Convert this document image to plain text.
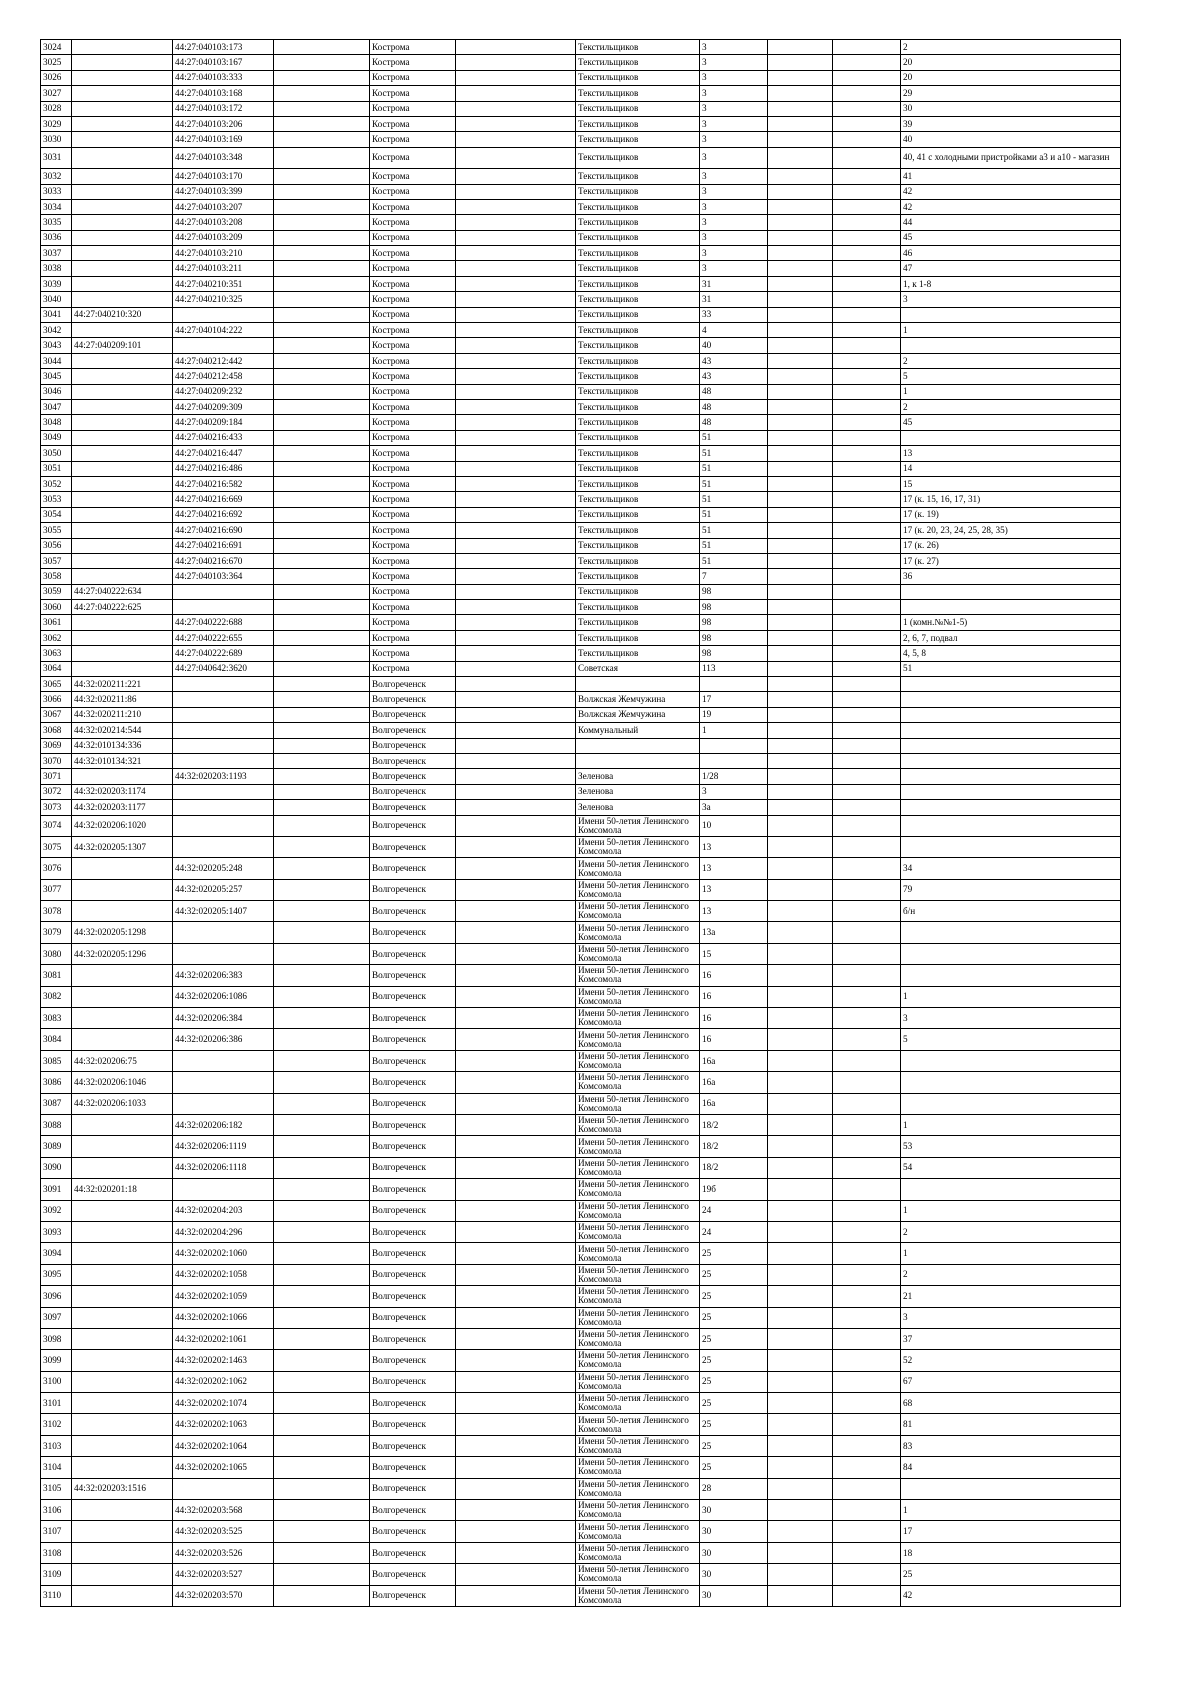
3024		44:27:040103:173		Кострома		Текстильщиков	3			2
3025		44:27:040103:167		Кострома		Текстильщиков	3			20
3026		44:27:040103:333		Кострома		Текстильщиков	3			20
3027		44:27:040103:168		Кострома		Текстильщиков	3			29
3028		44:27:040103:172		Кострома		Текстильщиков	3			30
3029		44:27:040103:206		Кострома		Текстильщиков	3			39
3030		44:27:040103:169		Кострома		Текстильщиков	3			40
3031		44:27:040103:348		Кострома		Текстильщиков	3			40, 41 с холодными пристройками а3 и а10 - магазин
3032		44:27:040103:170		Кострома		Текстильщиков	3			41
3033		44:27:040103:399		Кострома		Текстильщиков	3			42
3034		44:27:040103:207		Кострома		Текстильщиков	3			42
3035		44:27:040103:208		Кострома		Текстильщиков	3			44
3036		44:27:040103:209		Кострома		Текстильщиков	3			45
3037		44:27:040103:210		Кострома		Текстильщиков	3			46
3038		44:27:040103:211		Кострома		Текстильщиков	3			47
3039		44:27:040210:351		Кострома		Текстильщиков	31			1, к 1-8
3040		44:27:040210:325		Кострома		Текстильщиков	31			3
3041	44:27:040210:320			Кострома		Текстильщиков	33			
3042		44:27:040104:222		Кострома		Текстильщиков	4			1
3043	44:27:040209:101			Кострома		Текстильщиков	40			
3044		44:27:040212:442		Кострома		Текстильщиков	43			2
3045		44:27:040212:458		Кострома		Текстильщиков	43			5
3046		44:27:040209:232		Кострома		Текстильщиков	48			1
3047		44:27:040209:309		Кострома		Текстильщиков	48			2
3048		44:27:040209:184		Кострома		Текстильщиков	48			45
3049		44:27:040216:433		Кострома		Текстильщиков	51			
3050		44:27:040216:447		Кострома		Текстильщиков	51			13
3051		44:27:040216:486		Кострома		Текстильщиков	51			14
3052		44:27:040216:582		Кострома		Текстильщиков	51			15
3053		44:27:040216:669		Кострома		Текстильщиков	51			17 (к. 15, 16, 17, 31)
3054		44:27:040216:692		Кострома		Текстильщиков	51			17 (к. 19)
3055		44:27:040216:690		Кострома		Текстильщиков	51			17 (к. 20, 23, 24, 25, 28, 35)
3056		44:27:040216:691		Кострома		Текстильщиков	51			17 (к. 26)
3057		44:27:040216:670		Кострома		Текстильщиков	51			17 (к. 27)
3058		44:27:040103:364		Кострома		Текстильщиков	7			36
3059	44:27:040222:634			Кострома		Текстильщиков	98			
3060	44:27:040222:625			Кострома		Текстильщиков	98			
3061		44:27:040222:688		Кострома		Текстильщиков	98			1 (комн.№№1-5)
3062		44:27:040222:655		Кострома		Текстильщиков	98			2, 6, 7, подвал
3063		44:27:040222:689		Кострома		Текстильщиков	98			4, 5, 8
3064		44:27:040642:3620		Кострома		Советская	113			51
3065	44:32:020211:221			Волгореченск						
3066	44:32:020211:86			Волгореченск		Волжская Жемчужина	17			
3067	44:32:020211:210			Волгореченск		Волжская Жемчужина	19			
3068	44:32:020214:544			Волгореченск		Коммунальный	1			
3069	44:32:010134:336			Волгореченск						
3070	44:32:010134:321			Волгореченск						
3071		44:32:020203:1193		Волгореченск		Зеленова	1/28			
3072	44:32:020203:1174			Волгореченск		Зеленова	3			
3073	44:32:020203:1177			Волгореченск		Зеленова	3а			
3074	44:32:020206:1020			Волгореченск		Имени 50-летия Ленинского Комсомола	10			
3075	44:32:020205:1307			Волгореченск		Имени 50-летия Ленинского Комсомола	13			
3076		44:32:020205:248		Волгореченск		Имени 50-летия Ленинского Комсомола	13			34
3077		44:32:020205:257		Волгореченск		Имени 50-летия Ленинского Комсомола	13			79
3078		44:32:020205:1407		Волгореченск		Имени 50-летия Ленинского Комсомола	13			б/н
3079	44:32:020205:1298			Волгореченск		Имени 50-летия Ленинского Комсомола	13а			
3080	44:32:020205:1296			Волгореченск		Имени 50-летия Ленинского Комсомола	15			
3081		44:32:020206:383		Волгореченск		Имени 50-летия Ленинского Комсомола	16			
3082		44:32:020206:1086		Волгореченск		Имени 50-летия Ленинского Комсомола	16			1
3083		44:32:020206:384		Волгореченск		Имени 50-летия Ленинского Комсомола	16			3
3084		44:32:020206:386		Волгореченск		Имени 50-летия Ленинского Комсомола	16			5
3085	44:32:020206:75			Волгореченск		Имени 50-летия Ленинского Комсомола	16а			
3086	44:32:020206:1046			Волгореченск		Имени 50-летия Ленинского Комсомола	16а			
3087	44:32:020206:1033			Волгореченск		Имени 50-летия Ленинского Комсомола	16а			
3088		44:32:020206:182		Волгореченск		Имени 50-летия Ленинского Комсомола	18/2			1
3089		44:32:020206:1119		Волгореченск		Имени 50-летия Ленинского Комсомола	18/2			53
3090		44:32:020206:1118		Волгореченск		Имени 50-летия Ленинского Комсомола	18/2			54
3091	44:32:020201:18			Волгореченск		Имени 50-летия Ленинского Комсомола	19б			
3092		44:32:020204:203		Волгореченск		Имени 50-летия Ленинского Комсомола	24			1
3093		44:32:020204:296		Волгореченск		Имени 50-летия Ленинского Комсомола	24			2
3094		44:32:020202:1060		Волгореченск		Имени 50-летия Ленинского Комсомола	25			1
3095		44:32:020202:1058		Волгореченск		Имени 50-летия Ленинского Комсомола	25			2
3096		44:32:020202:1059		Волгореченск		Имени 50-летия Ленинского Комсомола	25			21
3097		44:32:020202:1066		Волгореченск		Имени 50-летия Ленинского Комсомола	25			3
3098		44:32:020202:1061		Волгореченск		Имени 50-летия Ленинского Комсомола	25			37
3099		44:32:020202:1463		Волгореченск		Имени 50-летия Ленинского Комсомола	25			52
3100		44:32:020202:1062		Волгореченск		Имени 50-летия Ленинского Комсомола	25			67
3101		44:32:020202:1074		Волгореченск		Имени 50-летия Ленинского Комсомола	25			68
3102		44:32:020202:1063		Волгореченск		Имени 50-летия Ленинского Комсомола	25			81
3103		44:32:020202:1064		Волгореченск		Имени 50-летия Ленинского Комсомола	25			83
3104		44:32:020202:1065		Волгореченск		Имени 50-летия Ленинского Комсомола	25			84
3105	44:32:020203:1516			Волгореченск		Имени 50-летия Ленинского Комсомола	28			
3106		44:32:020203:568		Волгореченск		Имени 50-летия Ленинского Комсомола	30			1
3107		44:32:020203:525		Волгореченск		Имени 50-летия Ленинского Комсомола	30			17
3108		44:32:020203:526		Волгореченск		Имени 50-летия Ленинского Комсомола	30			18
3109		44:32:020203:527		Волгореченск		Имени 50-летия Ленинского Комсомола	30			25
3110		44:32:020203:570		Волгореченск		Имени 50-летия Ленинского Комсомола	30			42
